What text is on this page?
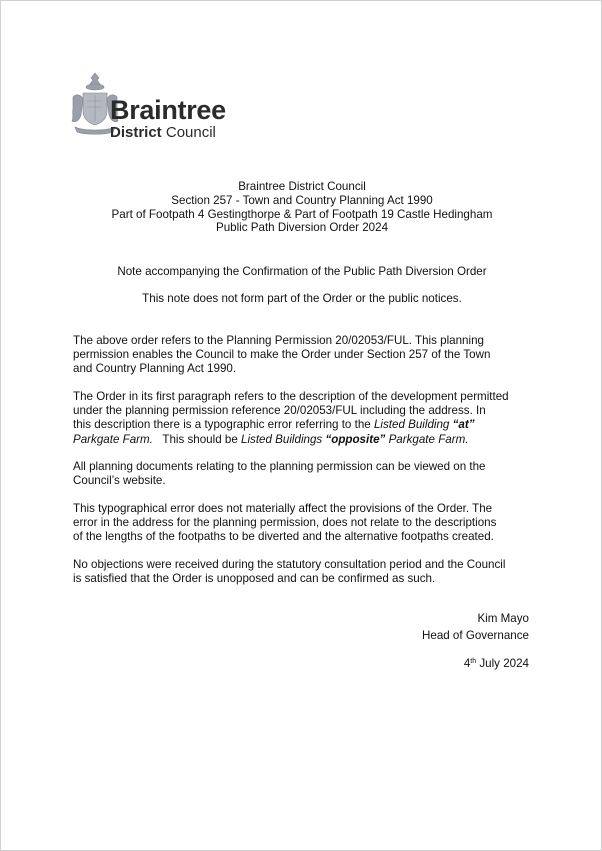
Braintree
District Council
Braintree District Council
Section 257 - Town and Country Planning Act 1990
Part of Footpath 4 Gestingthorpe & Part of Footpath 19 Castle Hedingham
Public Path Diversion Order 2024
Note accompanying the Confirmation of the Public Path Diversion Order
This note does not form part of the Order or the public notices.
The above order refers to the Planning Permission 20/02053/FUL. This planning
permission enables the Council to make the Order under Section 257 of the Town
and Country Planning Act 1990.
The Order in its first paragraph refers to the description of the development permitted
under the planning permission reference 20/02053/FUL including the address. In
this description there is a typographic error referring to the Listed Building “at”
Parkgate Farm.   This should be Listed Buildings “opposite” Parkgate Farm.
All planning documents relating to the planning permission can be viewed on the
Council’s website.
This typographical error does not materially affect the provisions of the Order. The
error in the address for the planning permission, does not relate to the descriptions
of the lengths of the footpaths to be diverted and the alternative footpaths created.
No objections were received during the statutory consultation period and the Council
is satisfied that the Order is unopposed and can be confirmed as such.
Kim Mayo
Head of Governance
4th July 2024
